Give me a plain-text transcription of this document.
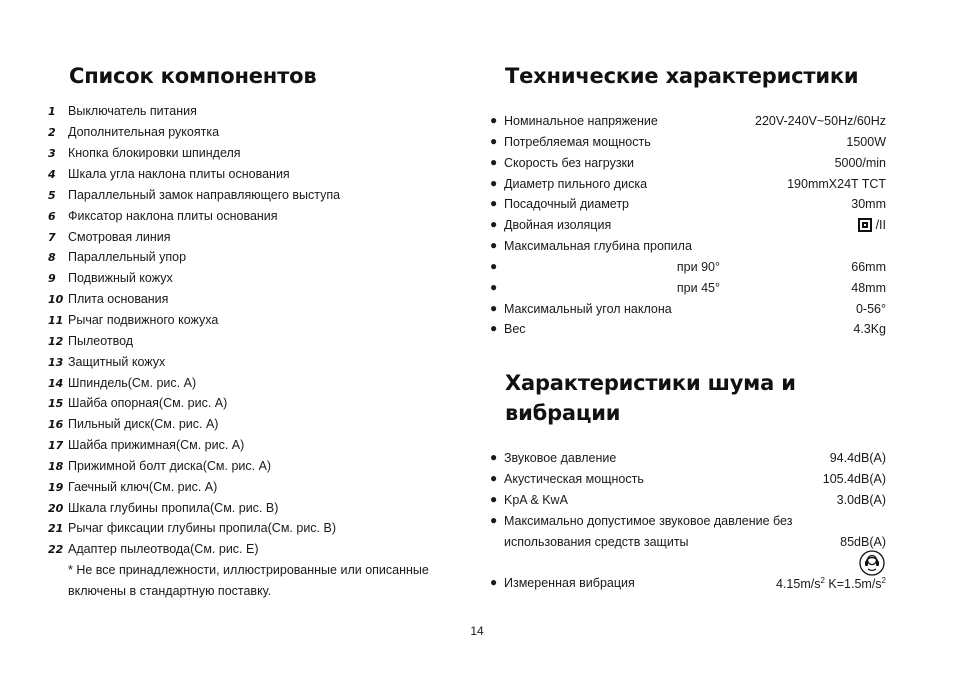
Список компонентов
1 Выключатель питания
2 Дополнительная рукоятка
3 Кнопка блокировки шпинделя
4 Шкала угла наклона плиты основания
5 Параллельный замок направляющего выступа
6 Фиксатор наклона плиты основания
7 Смотровая линия
8 Параллельный упор
9 Подвижный кожух
10 Плита основания
11 Рычаг подвижного кожуха
12 Пылеотвод
13 Защитный кожух
14 Шпиндель(См. рис. А)
15 Шайба опорная(См. рис. А)
16 Пильный диск(См. рис. А)
17 Шайба прижимная(См. рис. А)
18 Прижимной болт диска(См. рис. А)
19 Гаечный ключ(См. рис. А)
20 Шкала глубины пропила(См. рис. В)
21 Рычаг фиксации глубины пропила(См. рис. В)
22 Адаптер пылеотвода(См. рис. Е)
* Не все принадлежности, иллюстрированные или описанные
включены в стандартную поставку.
Технические характеристики
● Номинальное напряжение	220V-240V~50Hz/60Hz
● Потребляемая мощность	1500W
● Скорость без нагрузки	5000/min
● Диаметр пильного диска	190mmX24T TCT
● Посадочный диаметр	30mm
● Двойная изоляция	/II
● Максимальная глубина пропила
●	при 90°	66mm
●	при 45°	48mm
● Максимальный угол наклона	0-56°
● Вес	4.3Kg
Характеристики шума и
вибрации
● Звуковое давление	94.4dB(A)
● Акустическая мощность	105.4dB(A)
● KpA & KwA	3.0dB(A)
● Максимально допустимое звуковое давление без
использования средств защиты	85dB(A)
● Измеренная вибрация	$4.15m/s^2$ $K=1.5m/s^2$
14
